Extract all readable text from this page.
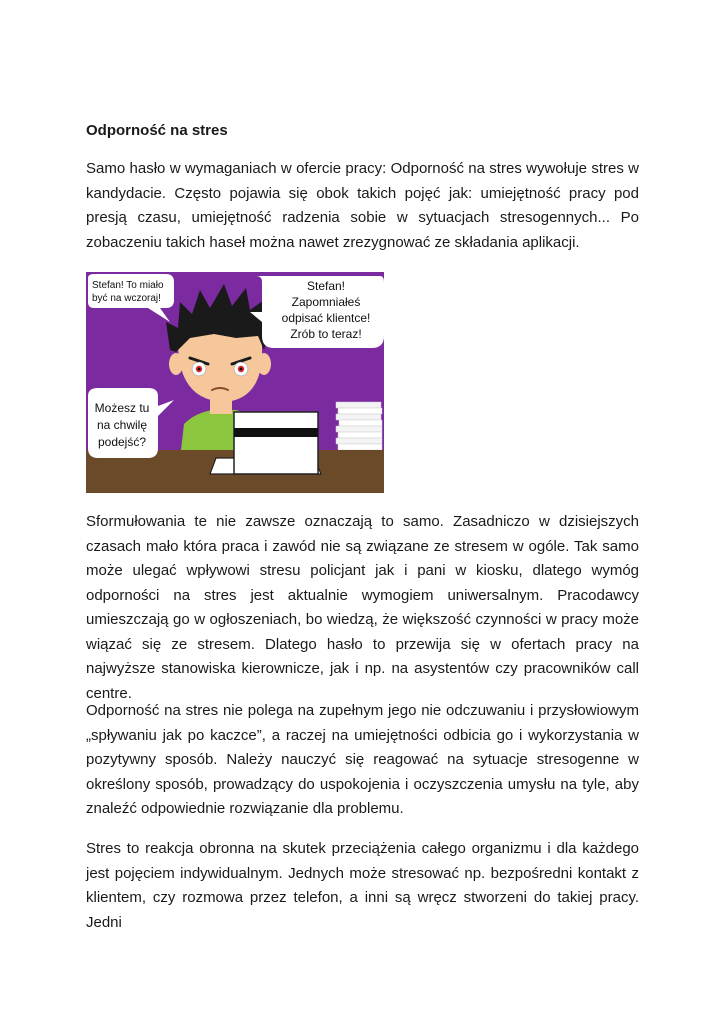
Odporność na stres

Samo hasło w wymaganiach w ofercie pracy: Odporność na stres wywołuje stres w kandydacie. Często pojawia się obok takich pojęć jak: umiejętność pracy pod presją czasu, umiejętność radzenia sobie w sytuacjach stresogennych... Po zobaczeniu takich haseł można nawet zrezygnować ze składania aplikacji.

Stefan! To miało
być na wczoraj!
Stefan!
Zapomniałeś
odpisać klientce!
Zrób to teraz!
Możesz tu
na chwilę
podejść?

Sformułowania te nie zawsze oznaczają to samo. Zasadniczo w dzisiejszych czasach mało która praca i zawód nie są związane ze stresem w ogóle. Tak samo może ulegać wpływowi stresu policjant jak i pani w kiosku, dlatego wymóg odporności na stres jest aktualnie wymogiem uniwersalnym. Pracodawcy umieszczają go w ogłoszeniach, bo wiedzą, że większość czynności w pracy może wiązać się ze stresem. Dlatego hasło to przewija się w ofertach pracy na najwyższe stanowiska kierownicze, jak i np. na asystentów czy pracowników call centre.

Odporność na stres nie polega na zupełnym jego nie odczuwaniu i przysłowiowym „spływaniu jak po kaczce”, a raczej na umiejętności odbicia go i wykorzystania w pozytywny sposób. Należy nauczyć się reagować na sytuacje stresogenne w określony sposób, prowadzący do uspokojenia i oczyszczenia umysłu na tyle, aby znaleźć odpowiednie rozwiązanie dla problemu.

Stres to reakcja obronna na skutek przeciążenia całego organizmu i dla każdego jest pojęciem indywidualnym. Jednych może stresować np. bezpośredni kontakt z klientem, czy rozmowa przez telefon, a inni są wręcz stworzeni do takiej pracy. Jedni
